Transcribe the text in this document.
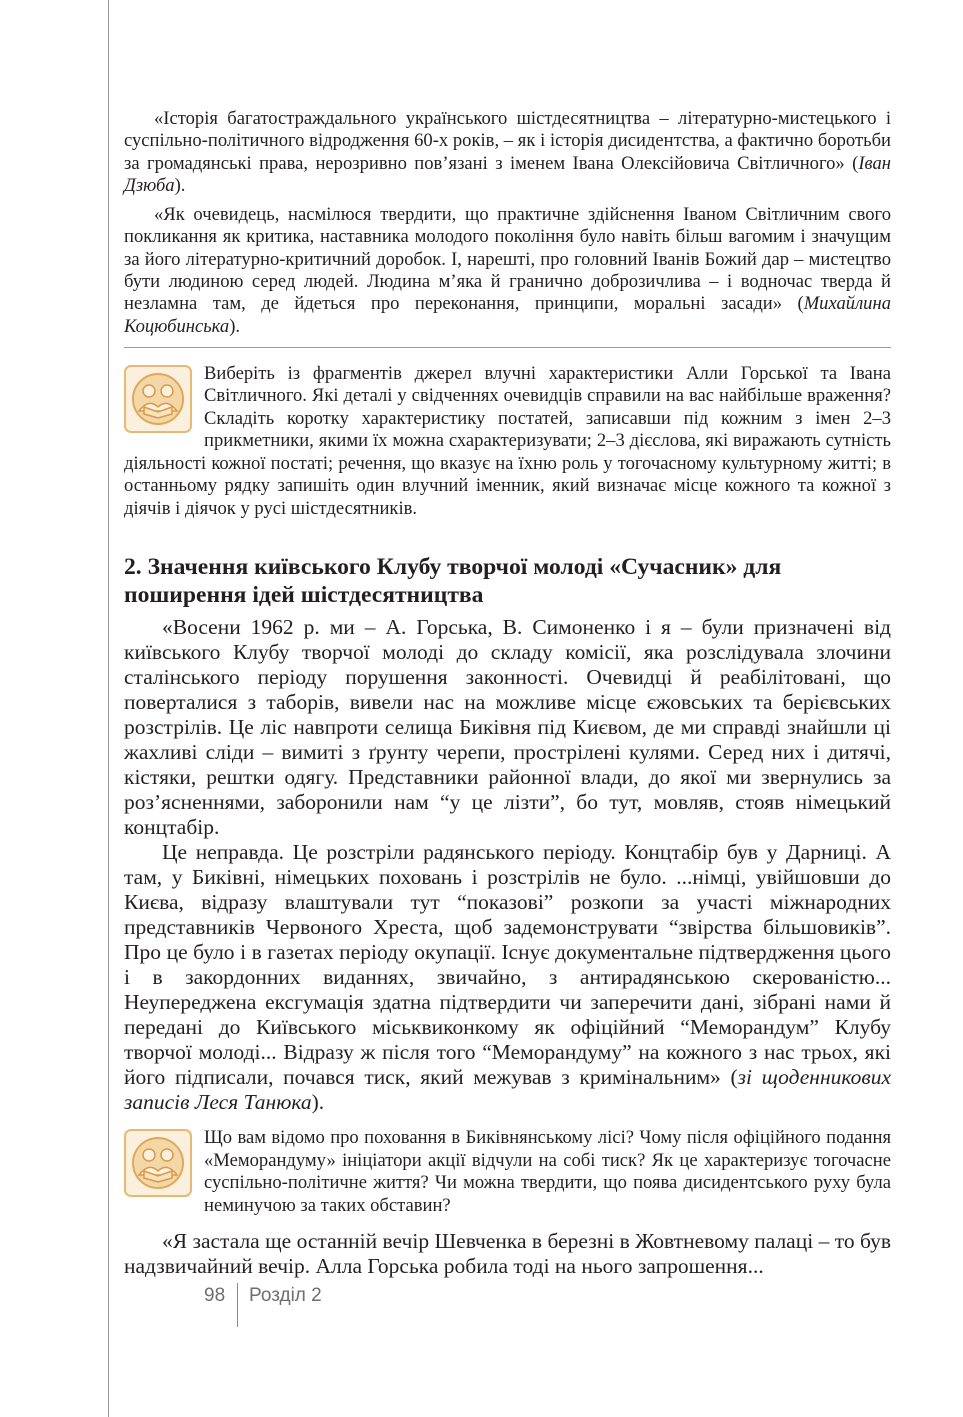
«Історія багатостраждального українського шістдесятництва – літературно-мистецького і суспільно-політичного відродження 60-х років, – як і історія дисидентства, а фактично боротьби за громадянські права, нерозривно пов’язані з іменем Івана Олексійовича Світличного» (Іван Дзюба).

«Як очевидець, насмілюся твердити, що практичне здійснення Іваном Світличним свого покликання як критика, наставника молодого покоління було навіть більш вагомим і значущим за його літературно-критичний доробок. І, нарешті, про головний Іванів Божий дар – мистецтво бути людиною серед людей. Людина м’яка й гранично доброзичлива – і водночас тверда й незламна там, де йдеться про переконання, принципи, моральні засади» (Михайлина Коцюбинська).

Виберіть із фрагментів джерел влучні характеристики Алли Горської та Івана Світличного. Які деталі у свідченнях очевидців справили на вас найбільше враження? Складіть коротку характеристику постатей, записавши під кожним з імен 2–3 прикметники, якими їх можна схарактеризувати; 2–3 дієслова, які виражають сутність діяльності кожної постаті; речення, що вказує на їхню роль у тогочасному культурному житті; в останньому рядку запишіть один влучний іменник, який визначає місце кожного та кожної з діячів і діячок у русі шістдесятників.

2. Значення київського Клубу творчої молоді «Сучасник» для поширення ідей шістдесятництва

«Восени 1962 р. ми – А. Горська, В. Симоненко і я – були призначені від київського Клубу творчої молоді до складу комісії, яка розслідувала злочини сталінського періоду порушення законності. Очевидці й реабілітовані, що поверталися з таборів, вивели нас на можливе місце єжовських та берієвських розстрілів. Це ліс навпроти селища Биківня під Києвом, де ми справді знайшли ці жахливі сліди – вимиті з ґрунту черепи, прострілені кулями. Серед них і дитячі, кістяки, рештки одягу. Представники районної влади, до якої ми звернулись за роз’ясненнями, заборонили нам “у це лізти”, бо тут, мовляв, стояв німецький концтабір.

Це неправда. Це розстріли радянського періоду. Концтабір був у Дарниці. А там, у Биківні, німецьких поховань і розстрілів не було. ...німці, увійшовши до Києва, відразу влаштували тут “показові” розкопи за участі міжнародних представників Червоного Хреста, щоб задемонструвати “звірства більшовиків”. Про це було і в газетах періоду окупації. Існує документальне підтвердження цього і в закордонних виданнях, звичайно, з антирадянською скерованістю... Неупереджена ексгумація здатна підтвердити чи заперечити дані, зібрані нами й передані до Київського міськвиконкому як офіційний “Меморандум” Клубу творчої молоді... Відразу ж після того “Меморандуму” на кожного з нас трьох, які його підписали, почався тиск, який межував з кримінальним» (зі щоденникових записів Леся Танюка).

Що вам відомо про поховання в Биківнянському лісі? Чому після офіційного подання «Меморандуму» ініціатори акції відчули на собі тиск? Як це характеризує тогочасне суспільно-політичне життя? Чи можна твердити, що поява дисидентського руху була неминучою за таких обставин?

«Я застала ще останній вечір Шевченка в березні в Жовтневому палаці – то був надзвичайний вечір. Алла Горська робила тоді на нього запрошення...

98 Розділ 2
